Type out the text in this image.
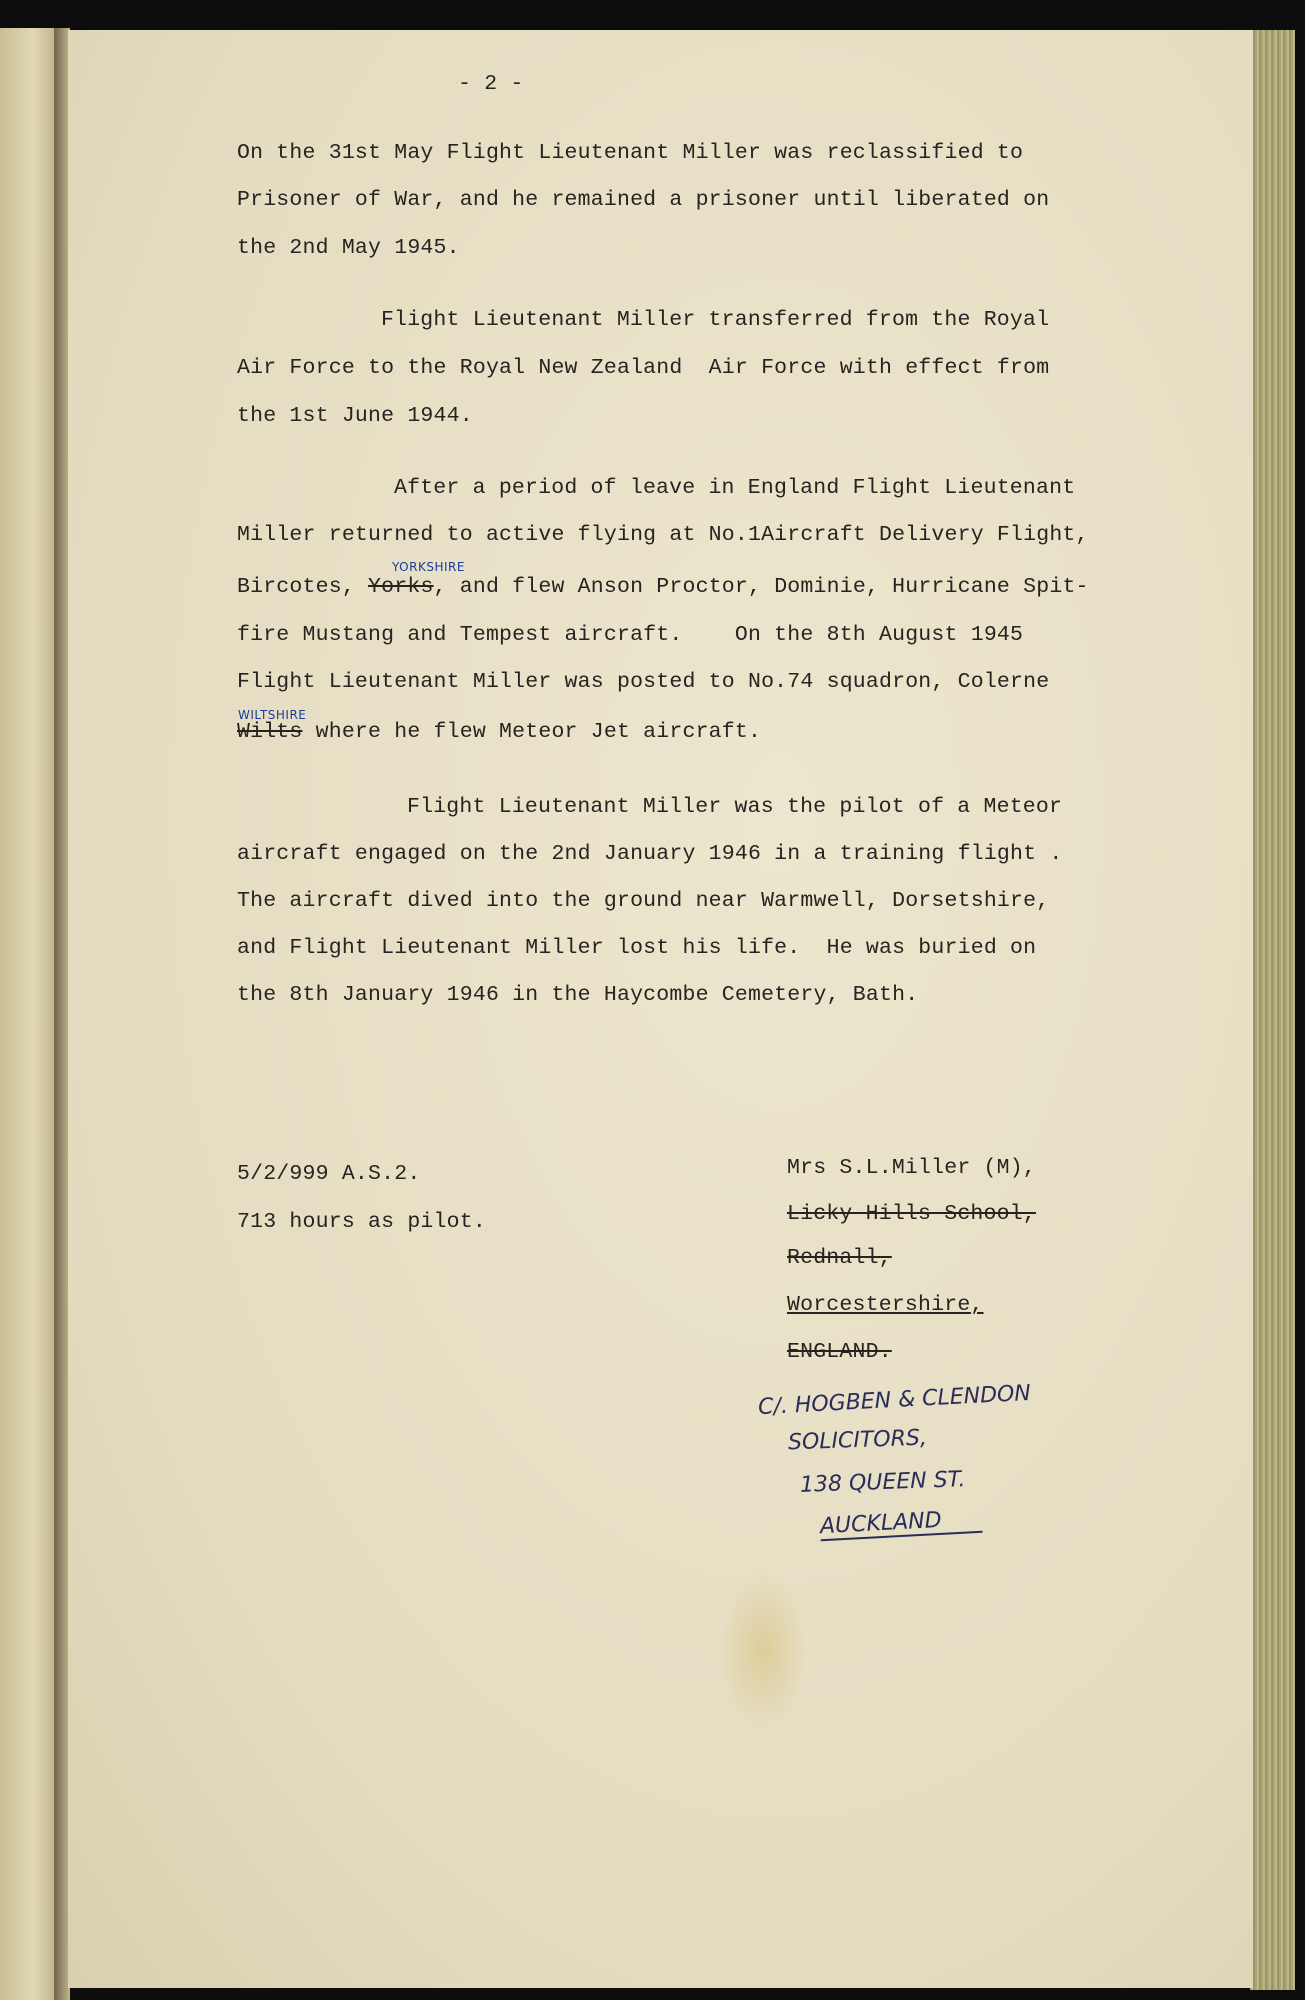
- 2 -
On the 31st May Flight Lieutenant Miller was reclassified to
Prisoner of War, and he remained a prisoner until liberated on
the 2nd May 1945.
Flight Lieutenant Miller transferred from the Royal
Air Force to the Royal New Zealand  Air Force with effect from
the 1st June 1944.
After a period of leave in England Flight Lieutenant
Miller returned to active flying at No.1Aircraft Delivery Flight,
YORKSHIRE
Bircotes, Yorks, and flew Anson Proctor, Dominie, Hurricane Spit-
fire Mustang and Tempest aircraft.    On the 8th August 1945
Flight Lieutenant Miller was posted to No.74 squadron, Colerne
WILTSHIRE
Wilts where he flew Meteor Jet aircraft.
Flight Lieutenant Miller was the pilot of a Meteor
aircraft engaged on the 2nd January 1946 in a training flight .
The aircraft dived into the ground near Warmwell, Dorsetshire,
and Flight Lieutenant Miller lost his life.  He was buried on
the 8th January 1946 in the Haycombe Cemetery, Bath.
5/2/999 A.S.2.
713 hours as pilot.
Mrs S.L.Miller (M),
Licky Hills School,
Rednall,
Worcestershire,
ENGLAND.
C/. HOGBEN & CLENDON
SOLICITORS,
138 QUEEN ST.
AUCKLAND
